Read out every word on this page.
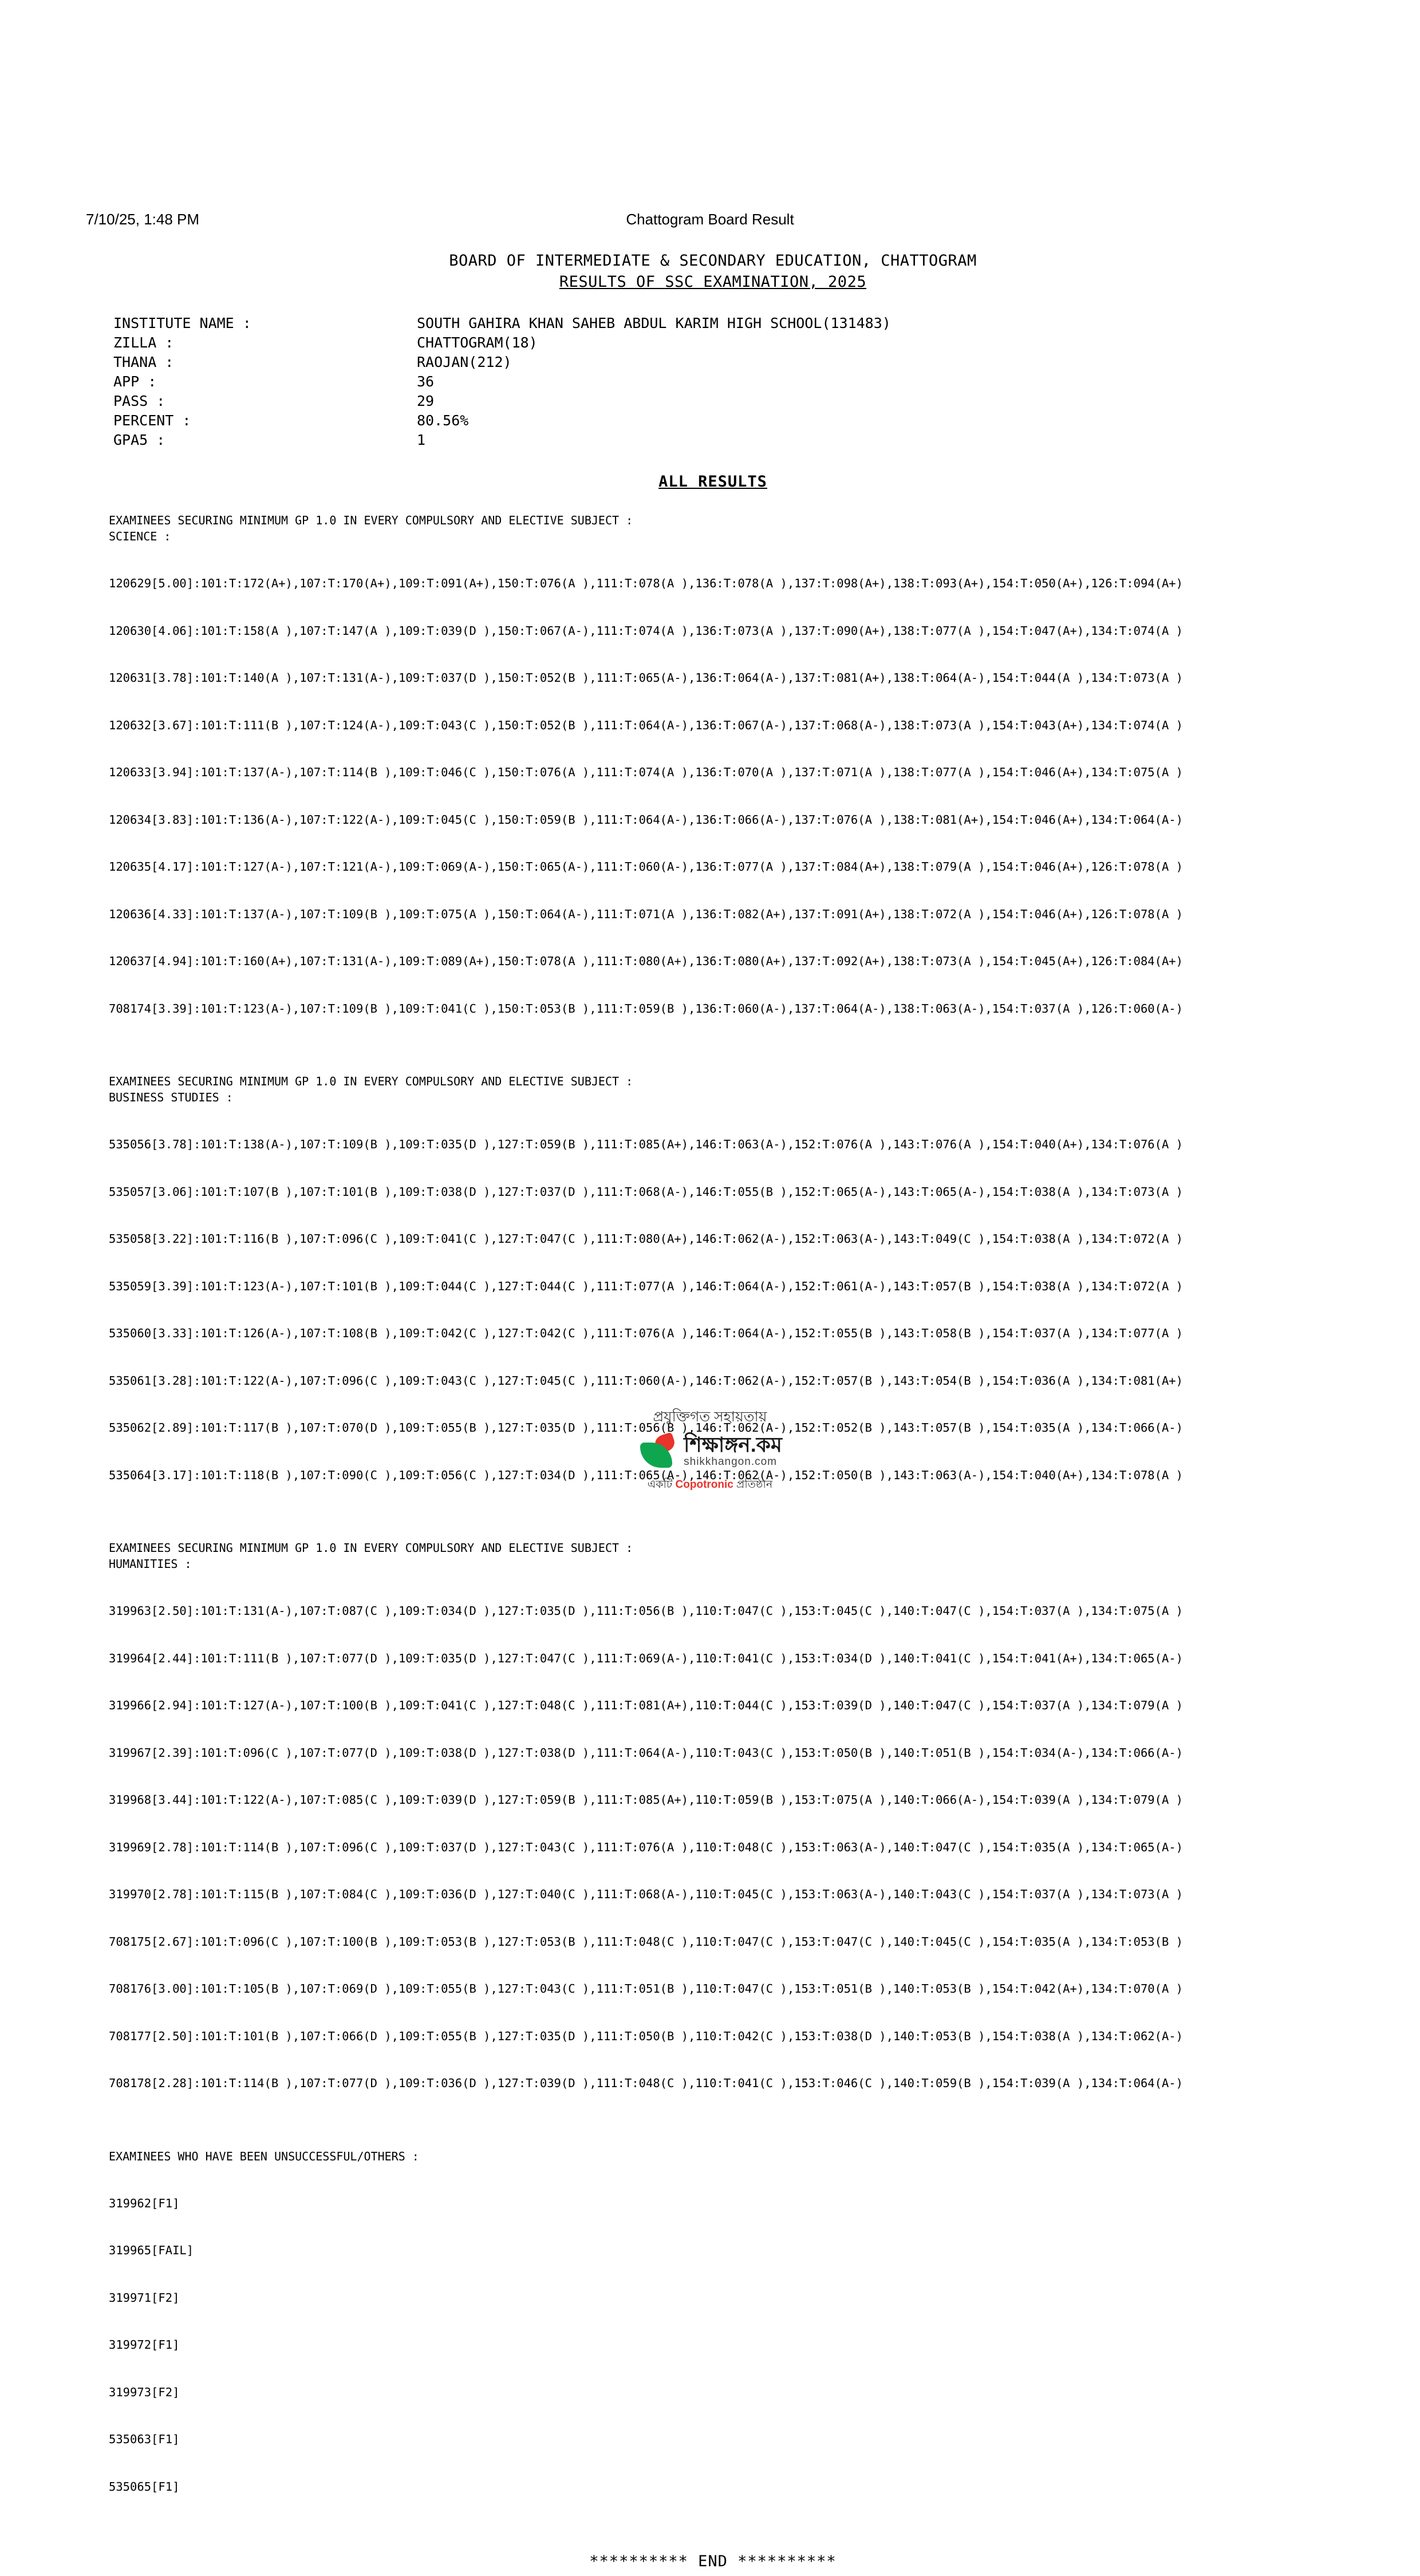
7/10/25, 1:48 PM	Chattogram Board Result
BOARD OF INTERMEDIATE & SECONDARY EDUCATION, CHATTOGRAM
RESULTS OF SSC EXAMINATION, 2025
INSTITUTE NAME :	SOUTH GAHIRA KHAN SAHEB ABDUL KARIM HIGH SCHOOL(131483)
ZILLA :	CHATTOGRAM(18)
THANA :	RAOJAN(212)
APP :	36
PASS :	29
PERCENT :	80.56%
GPA5 :	1
ALL RESULTS
EXAMINEES SECURING MINIMUM GP 1.0 IN EVERY COMPULSORY AND ELECTIVE SUBJECT :
SCIENCE :

120629[5.00]:101:T:172(A+),107:T:170(A+),109:T:091(A+),150:T:076(A ),111:T:078(A ),136:T:078(A ),137:T:098(A+),138:T:093(A+),154:T:050(A+),126:T:094(A+)

120630[4.06]:101:T:158(A ),107:T:147(A ),109:T:039(D ),150:T:067(A-),111:T:074(A ),136:T:073(A ),137:T:090(A+),138:T:077(A ),154:T:047(A+),134:T:074(A )

120631[3.78]:101:T:140(A ),107:T:131(A-),109:T:037(D ),150:T:052(B ),111:T:065(A-),136:T:064(A-),137:T:081(A+),138:T:064(A-),154:T:044(A ),134:T:073(A )

120632[3.67]:101:T:111(B ),107:T:124(A-),109:T:043(C ),150:T:052(B ),111:T:064(A-),136:T:067(A-),137:T:068(A-),138:T:073(A ),154:T:043(A+),134:T:074(A )

120633[3.94]:101:T:137(A-),107:T:114(B ),109:T:046(C ),150:T:076(A ),111:T:074(A ),136:T:070(A ),137:T:071(A ),138:T:077(A ),154:T:046(A+),134:T:075(A )

120634[3.83]:101:T:136(A-),107:T:122(A-),109:T:045(C ),150:T:059(B ),111:T:064(A-),136:T:066(A-),137:T:076(A ),138:T:081(A+),154:T:046(A+),134:T:064(A-)

120635[4.17]:101:T:127(A-),107:T:121(A-),109:T:069(A-),150:T:065(A-),111:T:060(A-),136:T:077(A ),137:T:084(A+),138:T:079(A ),154:T:046(A+),126:T:078(A )

120636[4.33]:101:T:137(A-),107:T:109(B ),109:T:075(A ),150:T:064(A-),111:T:071(A ),136:T:082(A+),137:T:091(A+),138:T:072(A ),154:T:046(A+),126:T:078(A )

120637[4.94]:101:T:160(A+),107:T:131(A-),109:T:089(A+),150:T:078(A ),111:T:080(A+),136:T:080(A+),137:T:092(A+),138:T:073(A ),154:T:045(A+),126:T:084(A+)

708174[3.39]:101:T:123(A-),107:T:109(B ),109:T:041(C ),150:T:053(B ),111:T:059(B ),136:T:060(A-),137:T:064(A-),138:T:063(A-),154:T:037(A ),126:T:060(A-)

EXAMINEES SECURING MINIMUM GP 1.0 IN EVERY COMPULSORY AND ELECTIVE SUBJECT :
BUSINESS STUDIES :

535056[3.78]:101:T:138(A-),107:T:109(B ),109:T:035(D ),127:T:059(B ),111:T:085(A+),146:T:063(A-),152:T:076(A ),143:T:076(A ),154:T:040(A+),134:T:076(A )

535057[3.06]:101:T:107(B ),107:T:101(B ),109:T:038(D ),127:T:037(D ),111:T:068(A-),146:T:055(B ),152:T:065(A-),143:T:065(A-),154:T:038(A ),134:T:073(A )

535058[3.22]:101:T:116(B ),107:T:096(C ),109:T:041(C ),127:T:047(C ),111:T:080(A+),146:T:062(A-),152:T:063(A-),143:T:049(C ),154:T:038(A ),134:T:072(A )

535059[3.39]:101:T:123(A-),107:T:101(B ),109:T:044(C ),127:T:044(C ),111:T:077(A ),146:T:064(A-),152:T:061(A-),143:T:057(B ),154:T:038(A ),134:T:072(A )

535060[3.33]:101:T:126(A-),107:T:108(B ),109:T:042(C ),127:T:042(C ),111:T:076(A ),146:T:064(A-),152:T:055(B ),143:T:058(B ),154:T:037(A ),134:T:077(A )

535061[3.28]:101:T:122(A-),107:T:096(C ),109:T:043(C ),127:T:045(C ),111:T:060(A-),146:T:062(A-),152:T:057(B ),143:T:054(B ),154:T:036(A ),134:T:081(A+)

535062[2.89]:101:T:117(B ),107:T:070(D ),109:T:055(B ),127:T:035(D ),111:T:056(B ),146:T:062(A-),152:T:052(B ),143:T:057(B ),154:T:035(A ),134:T:066(A-)

535064[3.17]:101:T:118(B ),107:T:090(C ),109:T:056(C ),127:T:034(D ),111:T:065(A-),146:T:062(A-),152:T:050(B ),143:T:063(A-),154:T:040(A+),134:T:078(A )

EXAMINEES SECURING MINIMUM GP 1.0 IN EVERY COMPULSORY AND ELECTIVE SUBJECT :
HUMANITIES :

319963[2.50]:101:T:131(A-),107:T:087(C ),109:T:034(D ),127:T:035(D ),111:T:056(B ),110:T:047(C ),153:T:045(C ),140:T:047(C ),154:T:037(A ),134:T:075(A )

319964[2.44]:101:T:111(B ),107:T:077(D ),109:T:035(D ),127:T:047(C ),111:T:069(A-),110:T:041(C ),153:T:034(D ),140:T:041(C ),154:T:041(A+),134:T:065(A-)

319966[2.94]:101:T:127(A-),107:T:100(B ),109:T:041(C ),127:T:048(C ),111:T:081(A+),110:T:044(C ),153:T:039(D ),140:T:047(C ),154:T:037(A ),134:T:079(A )

319967[2.39]:101:T:096(C ),107:T:077(D ),109:T:038(D ),127:T:038(D ),111:T:064(A-),110:T:043(C ),153:T:050(B ),140:T:051(B ),154:T:034(A-),134:T:066(A-)

319968[3.44]:101:T:122(A-),107:T:085(C ),109:T:039(D ),127:T:059(B ),111:T:085(A+),110:T:059(B ),153:T:075(A ),140:T:066(A-),154:T:039(A ),134:T:079(A )

319969[2.78]:101:T:114(B ),107:T:096(C ),109:T:037(D ),127:T:043(C ),111:T:076(A ),110:T:048(C ),153:T:063(A-),140:T:047(C ),154:T:035(A ),134:T:065(A-)

319970[2.78]:101:T:115(B ),107:T:084(C ),109:T:036(D ),127:T:040(C ),111:T:068(A-),110:T:045(C ),153:T:063(A-),140:T:043(C ),154:T:037(A ),134:T:073(A )

708175[2.67]:101:T:096(C ),107:T:100(B ),109:T:053(B ),127:T:053(B ),111:T:048(C ),110:T:047(C ),153:T:047(C ),140:T:045(C ),154:T:035(A ),134:T:053(B )

708176[3.00]:101:T:105(B ),107:T:069(D ),109:T:055(B ),127:T:043(C ),111:T:051(B ),110:T:047(C ),153:T:051(B ),140:T:053(B ),154:T:042(A+),134:T:070(A )

708177[2.50]:101:T:101(B ),107:T:066(D ),109:T:055(B ),127:T:035(D ),111:T:050(B ),110:T:042(C ),153:T:038(D ),140:T:053(B ),154:T:038(A ),134:T:062(A-)

708178[2.28]:101:T:114(B ),107:T:077(D ),109:T:036(D ),127:T:039(D ),111:T:048(C ),110:T:041(C ),153:T:046(C ),140:T:059(B ),154:T:039(A ),134:T:064(A-)

EXAMINEES WHO HAVE BEEN UNSUCCESSFUL/OTHERS :

319962[F1]

319965[FAIL]

319971[F2]

319972[F1]

319973[F2]

535063[F1]

535065[F1]

********** END **********
প্রযুক্তিগত সহায়তায়
শিক্ষাঙ্গন.কম
shikkhangon.com
একটি Copotronic প্রতিষ্ঠান
